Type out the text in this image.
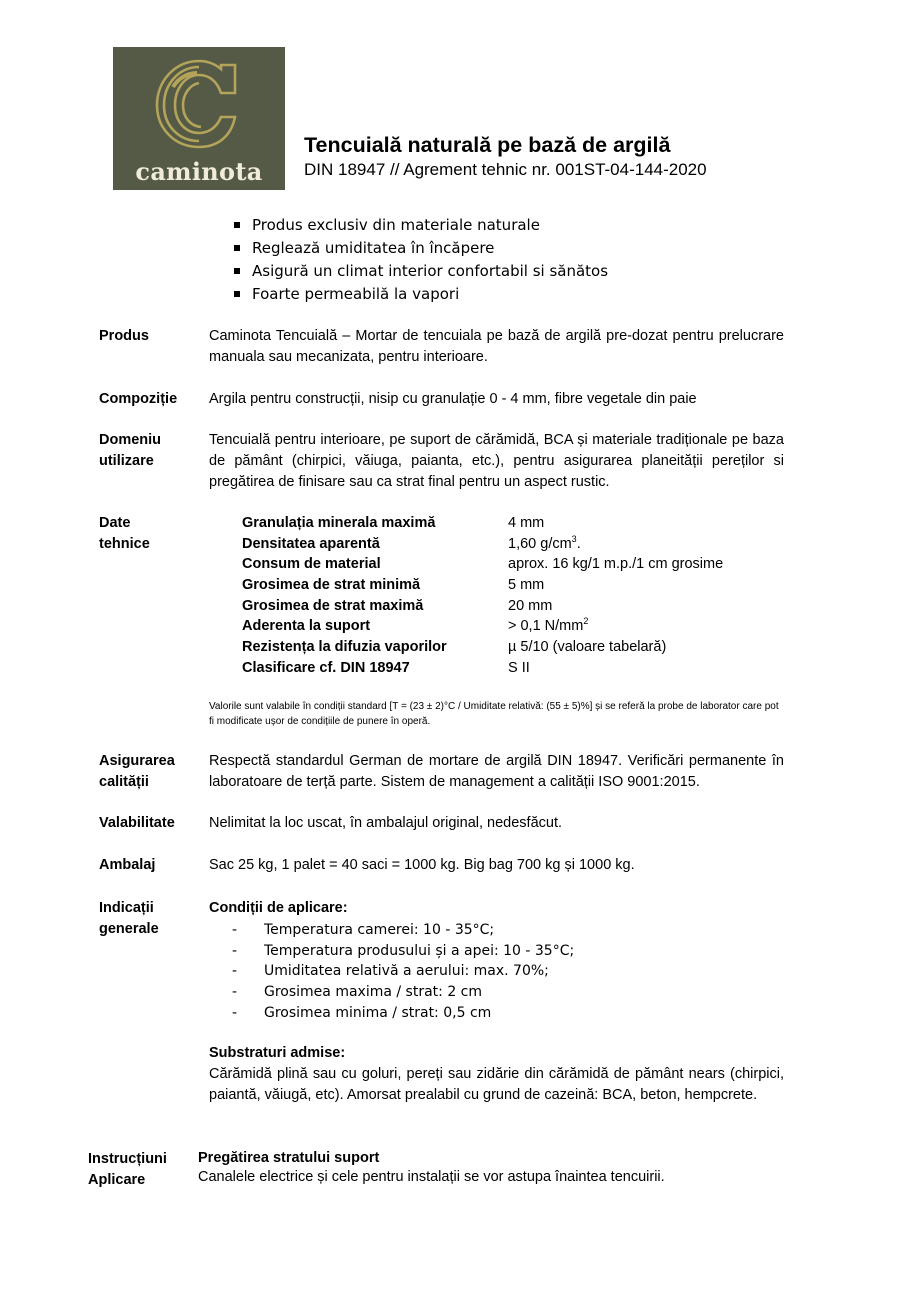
caminota
Tencuială naturală pe bază de argilă
DIN 18947 // Agrement tehnic nr. 001ST-04-144-2020
Produs exclusiv din materiale naturale
Reglează umiditatea în încăpere
Asigură un climat interior confortabil si sănătos
Foarte permeabilă la vapori
Produs	Caminota Tencuială – Mortar de tencuiala pe bază de argilă pre-dozat pentru prelucrare manuala sau mecanizata, pentru interioare.
Compoziție Argila pentru construcții, nisip cu granulație 0 - 4 mm, fibre vegetale din paie
Domeniu
utilizare
Tencuială pentru interioare, pe suport de cărămidă, BCA și materiale tradiționale pe baza de pământ (chirpici, văiuga, paianta, etc.), pentru asigurarea planeității pereților si pregătirea de finisare sau ca strat final pentru un aspect rustic.
Date
tehnice
Granulația minerala maximă	4 mm
Densitatea aparentă	1,60 $g/cm^3$.
Consum de material	aprox. 16 kg/1 m.p./1 cm grosime
Grosimea de strat minimă	5 mm
Grosimea de strat maximă	20 mm
Aderenta la suport	> 0,1 $N/mm^2$
Rezistența la difuzia vaporilor	µ 5/10 (valoare tabelară)
Clasificare cf. DIN 18947	S II
Valorile sunt valabile în condiții standard [T = (23 ± 2)°C / Umiditate relativă: (55 ± 5)%] și se referă la probe de laborator care pot fi modificate ușor de condițiile de punere în operă.
Asigurarea
calității
Respectă standardul German de mortare de argilă DIN 18947. Verificări permanente în laboratoare de terță parte. Sistem de management a calității ISO 9001:2015.
Valabilitate Nelimitat la loc uscat, în ambalajul original, nedesfăcut.
Ambalaj	Sac 25 kg, 1 palet = 40 saci = 1000 kg. Big bag 700 kg și 1000 kg.
Indicații
generale
Condiții de aplicare:
-	Temperatura camerei: 10 - 35°C;
-	Temperatura produsului și a apei: 10 - 35°C;
-	Umiditatea relativă a aerului: max. 70%;
-	Grosimea maxima / strat: 2 cm
-	Grosimea minima / strat: 0,5 cm
Substraturi admise:
Cărămidă plină sau cu goluri, pereți sau zidărie din cărămidă de pământ nears (chirpici, paiantă, văiugă, etc). Amorsat prealabil cu grund de cazeină: BCA, beton, hempcrete.
Instrucțiuni
Aplicare
Pregătirea stratului suport
Canalele electrice și cele pentru instalații se vor astupa înaintea tencuirii.
